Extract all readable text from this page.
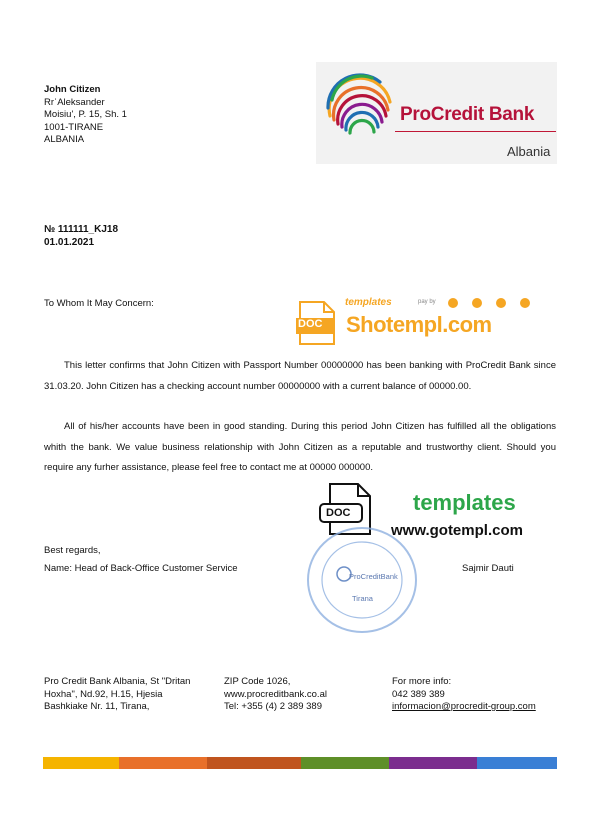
John Citizen
RrʿAleksander
Moisiu', P. 15, Sh. 1
1001-TIRANE
ALBANIA
ProCredit Bank
Albania
№ 111111_KJ18
01.01.2021
To Whom It May Concern:
DOC
templates	pay by
Shotempl.com
This letter confirms that John Citizen with Passport Number 00000000 has been banking with ProCredit Bank since 31.03.20. John Citizen has a checking account number 00000000 with a current balance of 00000.00.
All of his/her accounts have been in good standing. During this period John Citizen has fulfilled all the obligations whith the bank. We value business relationship with John Citizen as a reputable and trustworthy client. Should you require any furher assistance, please feel free to contact me at 00000 000000.
DOC	templates
www.gotempl.com
ProCreditBank
Tirana
Best regards,
Name: Head of Back-Office Customer Service	Sajmir Dauti
Pro Credit Bank Albania, St "Dritan
Hoxha", Nd.92, H.15, Hjesia
Bashkiake Nr. 11, Tirana,
ZIP Code 1026,
www.procreditbank.co.al
Tel: +355 (4) 2 389 389
For more info:
042 389 389
informacion@procredit-group.com
